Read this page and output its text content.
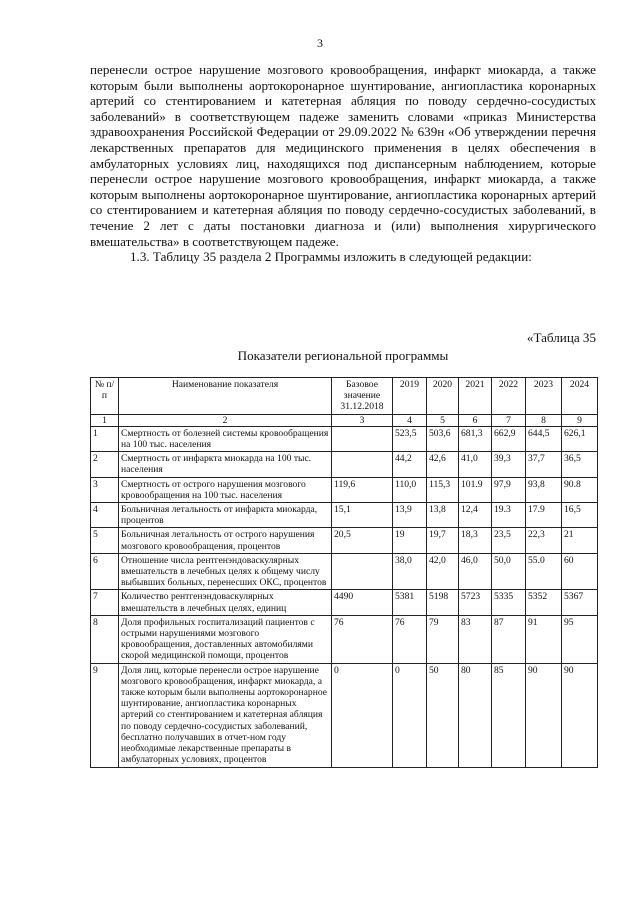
3

перенесли острое нарушение мозгового кровообращения, инфаркт миокарда, а также которым были выполнены аортокоронарное шунтирование, ангиопластика коронарных артерий со стентированием и катетерная абляция по поводу сердечно-сосудистых заболеваний» в соответствующем падеже заменить словами «приказ Министерства здравоохранения Российской Федерации от 29.09.2022 № 639н «Об утверждении перечня лекарственных препаратов для медицинского применения в целях обеспечения в амбулаторных условиях лиц, находящихся под диспансерным наблюдением, которые перенесли острое нарушение мозгового кровообращения, инфаркт миокарда, а также которым выполнены аортокоронарное шунтирование, ангиопластика коронарных артерий со стентированием и катетерная абляция по поводу сердечно-сосудистых заболеваний, в течение 2 лет с даты постановки диагноза и (или) выполнения хирургического вмешательства» в соответствующем падеже.

1.3. Таблицу 35 раздела 2 Программы изложить в следующей редакции:

«Таблица 35
Показатели региональной программы
№ п/п	Наименование показателя	Базовое значение 31.12.2018	2019	2020	2021	2022	2023	2024
1	2	3	4	5	6	7	8	9
1	Смертность от болезней системы кровообращения на 100 тыс. населения		523,5	503,6	681,3	662,9	644,5	626,1
2	Смертность от инфаркта миокарда на 100 тыс. населения		44,2	42,6	41,0	39,3	37,7	36,5
3	Смертность от острого нарушения мозгового кровообращения на 100 тыс. населения	119,6	110,0	115,3	101.9	97,9	93,8	90.8
4	Больничная летальность от инфаркта миокарда, процентов	15,1	13,9	13,8	12,4	19.3	17.9	16,5
5	Больничная летальность от острого нарушения мозгового кровообращения, процентов	20,5	19	19,7	18,3	23,5	22,3	21
6	Отношение числа рентгенэндоваскулярных вмешательств в лечебных целях к общему числу выбывших больных, перенесших ОКС, процентов		38,0	42,0	46,0	50,0	55.0	60
7	Количество рентгенэндоваскулярных вмешательств в лечебных целях, единиц	4490	5381	5198	5723	5335	5352	5367
8	Доля профильных госпитализаций пациентов с острыми нарушениями мозгового кровообращения, доставленных автомобилями скорой медицинской помощи, процентов	76	76	79	83	87	91	95
9	Доля лиц, которые перенесли острое нарушение мозгового кровообращения, инфаркт миокарда, а также которым были выполнены аортокоронарное шунтирование, ангиопластика коронарных артерий со стентированием и катетерная абляция по поводу сердечно-сосудистых заболеваний, бесплатно получавших в отчет-ном году необходимые лекарственные препараты в амбулаторных условиях, процентов	0	0	50	80	85	90	90
